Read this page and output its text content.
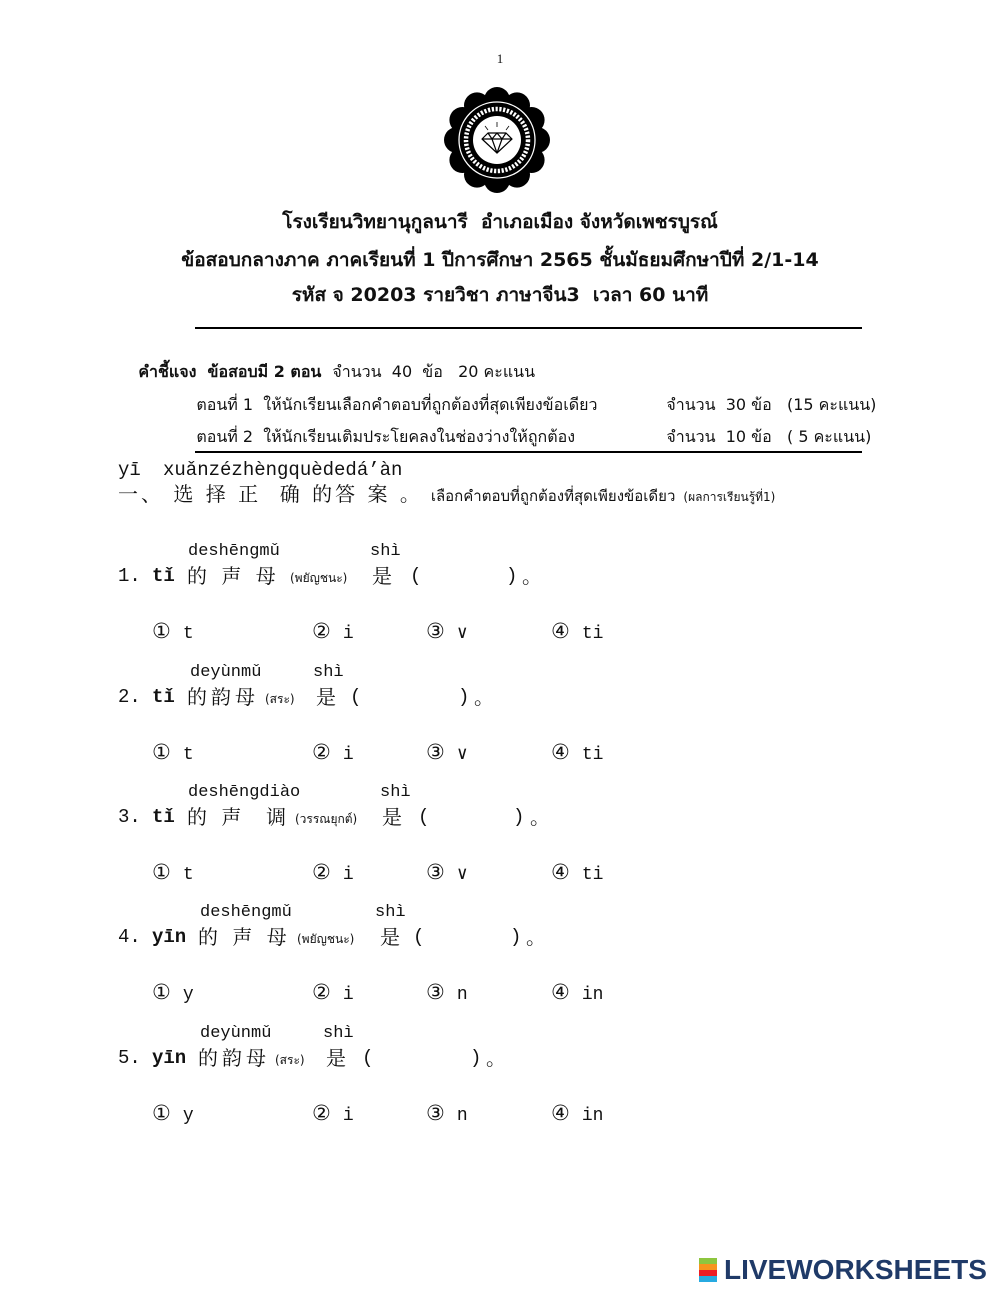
1
โรงเรียนวิทยานุกูลนารี  อำเภอเมือง จังหวัดเพชรบูรณ์
ข้อสอบกลางภาค ภาคเรียนที่ 1 ปีการศึกษา 2565 ชั้นมัธยมศึกษาปีที่ 2/1-14
รหัส จ 20203 รายวิชา ภาษาจีน3  เวลา 60 นาที

คำชี้แจง  ข้อสอบมี 2 ตอน จำนวน  40  ข้อ   20 คะแนน

ตอนที่ 1  ให้นักเรียนเลือกคำตอบที่ถูกต้องที่สุดเพียงข้อเดียว	จำนวน  30 ข้อ   (15 คะแนน)

ตอนที่ 2  ให้นักเรียนเติมประโยคลงในช่องว่างให้ถูกต้อง	จำนวน  10 ข้อ   ( 5 คะแนน)

yī xuǎnzézhèngquèdedá’àn
一、 选 择 正  确 的答 案 。 เลือกคำตอบที่ถูกต้องที่สุดเพียงข้อเดียว (ผลการเรียนรู้ที่1)
deshēngmǔ	shì
1. tǐ 的 声 母 (พยัญชนะ) 是 (	) 。
① t	② i	③ ∨	④ ti
deyùnmǔ	shì
2. tǐ 的韵母 (สระ) 是 (	) 。
① t	② i	③ ∨	④ ti
deshēngdiào	shì
3. tǐ 的 声  调 (วรรณยุกต์) 是 (	) 。
① t	② i	③ ∨	④ ti
deshēngmǔ	shì
4. yīn 的 声 母 (พยัญชนะ) 是 (	) 。
① y	② i	③ n	④ in
deyùnmǔ	shì
5. yīn 的韵母 (สระ) 是 (	) 。
① y	② i	③ n	④ in
LIVEWORKSHEETS
